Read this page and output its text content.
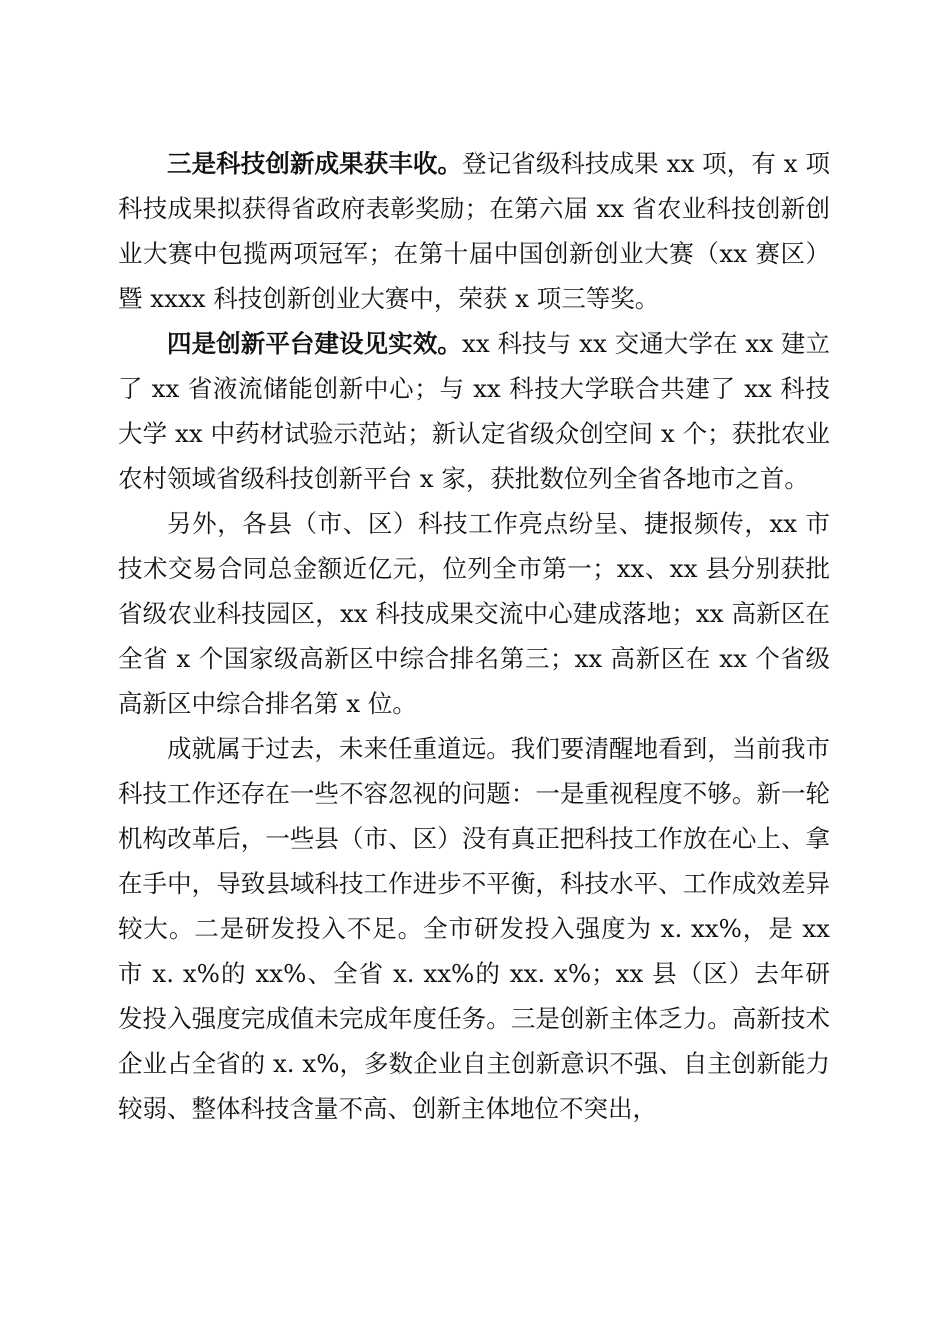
三是科技创新成果获丰收。登记省级科技成果 xx 项，有 x 项科技成果拟获得省政府表彰奖励；在第六届 xx 省农业科技创新创业大赛中包揽两项冠军；在第十届中国创新创业大赛（xx 赛区）暨 xxxx 科技创新创业大赛中，荣获 x 项三等奖。

四是创新平台建设见实效。xx 科技与 xx 交通大学在 xx 建立了 xx 省液流储能创新中心；与 xx 科技大学联合共建了 xx 科技大学 xx 中药材试验示范站；新认定省级众创空间 x 个；获批农业农村领域省级科技创新平台 x 家，获批数位列全省各地市之首。

另外，各县（市、区）科技工作亮点纷呈、捷报频传，xx 市技术交易合同总金额近亿元，位列全市第一；xx、xx 县分别获批省级农业科技园区，xx 科技成果交流中心建成落地；xx 高新区在全省 x 个国家级高新区中综合排名第三；xx 高新区在 xx 个省级高新区中综合排名第 x 位。

成就属于过去，未来任重道远。我们要清醒地看到，当前我市科技工作还存在一些不容忽视的问题：一是重视程度不够。新一轮机构改革后，一些县（市、区）没有真正把科技工作放在心上、拿在手中，导致县域科技工作进步不平衡，科技水平、工作成效差异较大。二是研发投入不足。全市研发投入强度为 x. xx%，是 xx 市 x. x%的 xx%、全省 x. xx%的 xx. x%；xx 县（区）去年研发投入强度完成值未完成年度任务。三是创新主体乏力。高新技术企业占全省的 x. x%，多数企业自主创新意识不强、自主创新能力较弱、整体科技含量不高、创新主体地位不突出，
